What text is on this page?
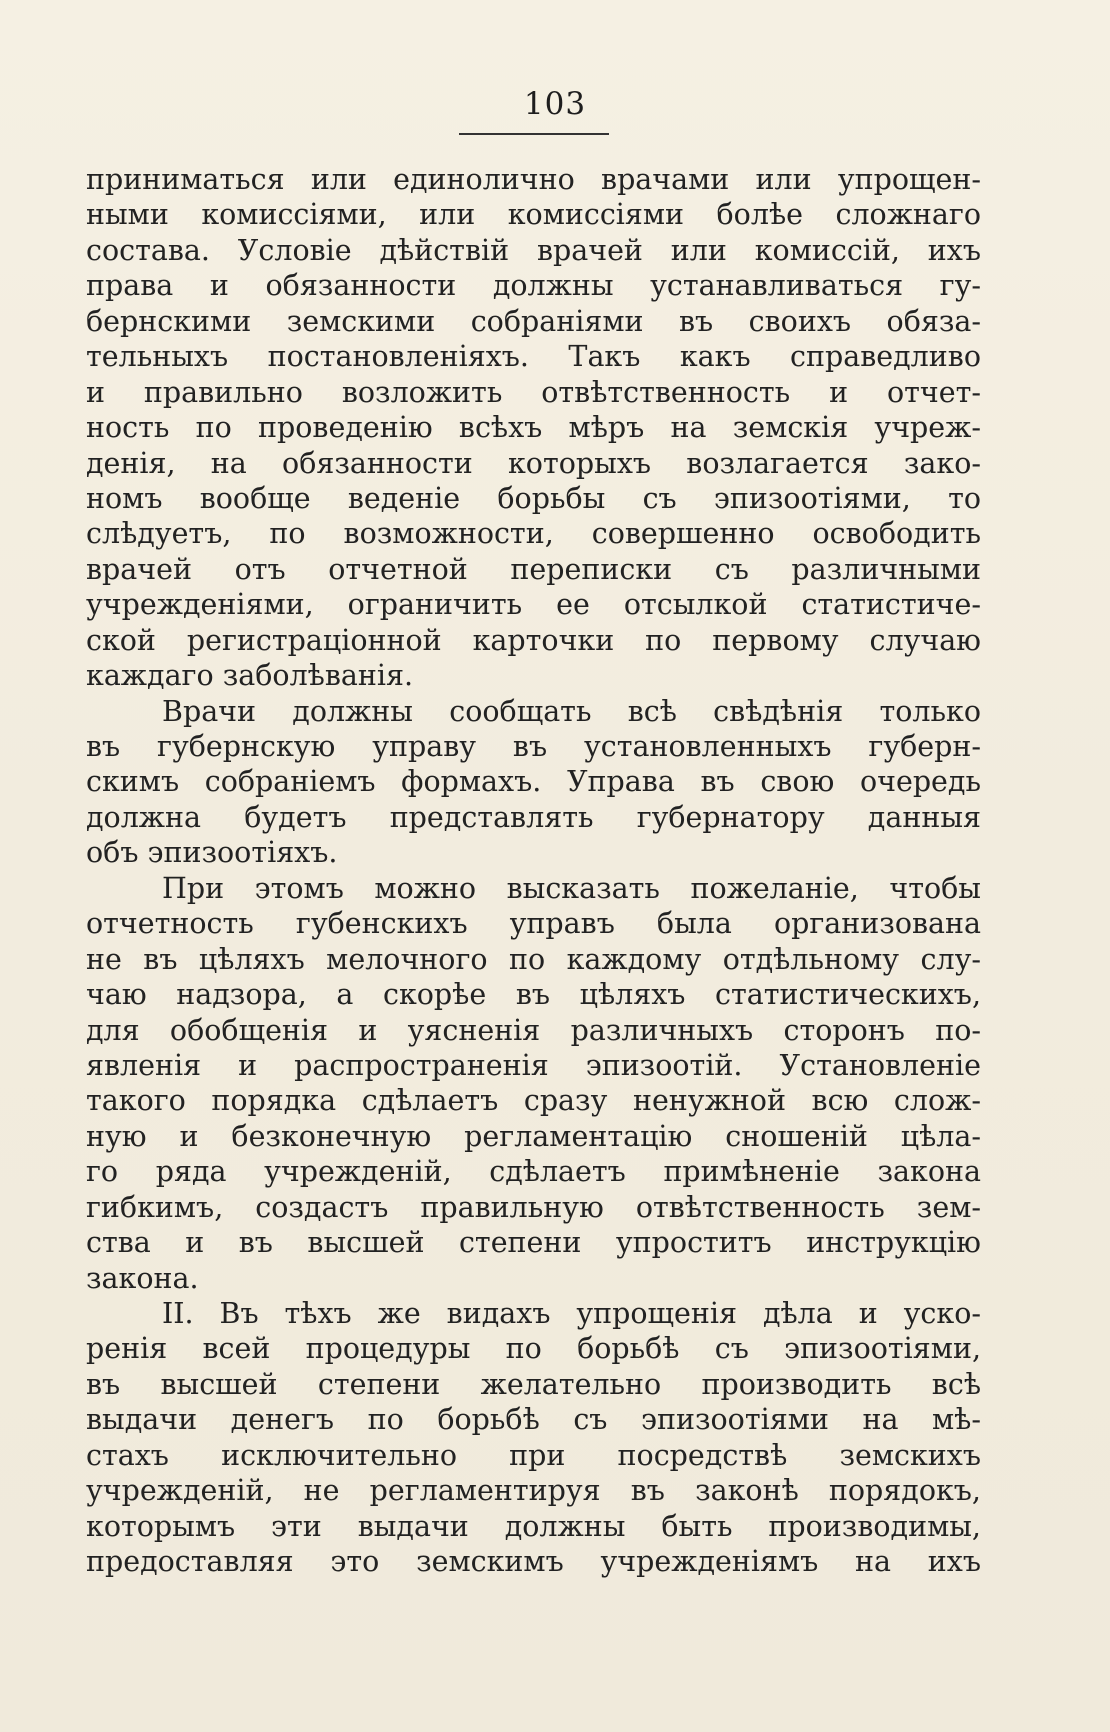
103
приниматься или единолично врачами или упрощен-
ными комиссіями, или комиссіями болѣе сложнаго
состава. Условіе дѣйствій врачей или комиссій, ихъ
права и обязанности должны устанавливаться гу-
бернскими земскими собраніями въ своихъ обяза-
тельныхъ постановленіяхъ. Такъ какъ справедливо
и правильно возложить отвѣтственность и отчет-
ность по проведенію всѣхъ мѣръ на земскія учреж-
денія, на обязанности которыхъ возлагается зако-
номъ вообще веденіе борьбы съ эпизоотіями, то
слѣдуетъ, по возможности, совершенно освободить
врачей отъ отчетной переписки съ различными
учрежденіями, ограничить ее отсылкой статистиче-
ской регистраціонной карточки по первому случаю
каждаго заболѣванія.
Врачи должны сообщать всѣ свѣдѣнія только
въ губернскую управу въ установленныхъ губерн-
скимъ собраніемъ формахъ. Управа въ свою очередь
должна будетъ представлять губернатору данныя
объ эпизоотіяхъ.
При этомъ можно высказать пожеланіе, чтобы
отчетность губенскихъ управъ была организована
не въ цѣляхъ мелочного по каждому отдѣльному слу-
чаю надзора, а скорѣе въ цѣляхъ статистическихъ,
для обобщенія и уясненія различныхъ сторонъ по-
явленія и распространенія эпизоотій. Установленіе
такого порядка сдѣлаетъ сразу ненужной всю слож-
ную и безконечную регламентацію сношеній цѣла-
го ряда учрежденій, сдѣлаетъ примѣненіе закона
гибкимъ, создастъ правильную отвѣтственность зем-
ства и въ высшей степени упроститъ инструкцію
закона.
II. Въ тѣхъ же видахъ упрощенія дѣла и уско-
ренія всей процедуры по борьбѣ съ эпизоотіями,
въ высшей степени желательно производить всѣ
выдачи денегъ по борьбѣ съ эпизоотіями на мѣ-
стахъ исключительно при посредствѣ земскихъ
учрежденій, не регламентируя въ законѣ порядокъ,
которымъ эти выдачи должны быть производимы,
предоставляя это земскимъ учрежденіямъ на ихъ
